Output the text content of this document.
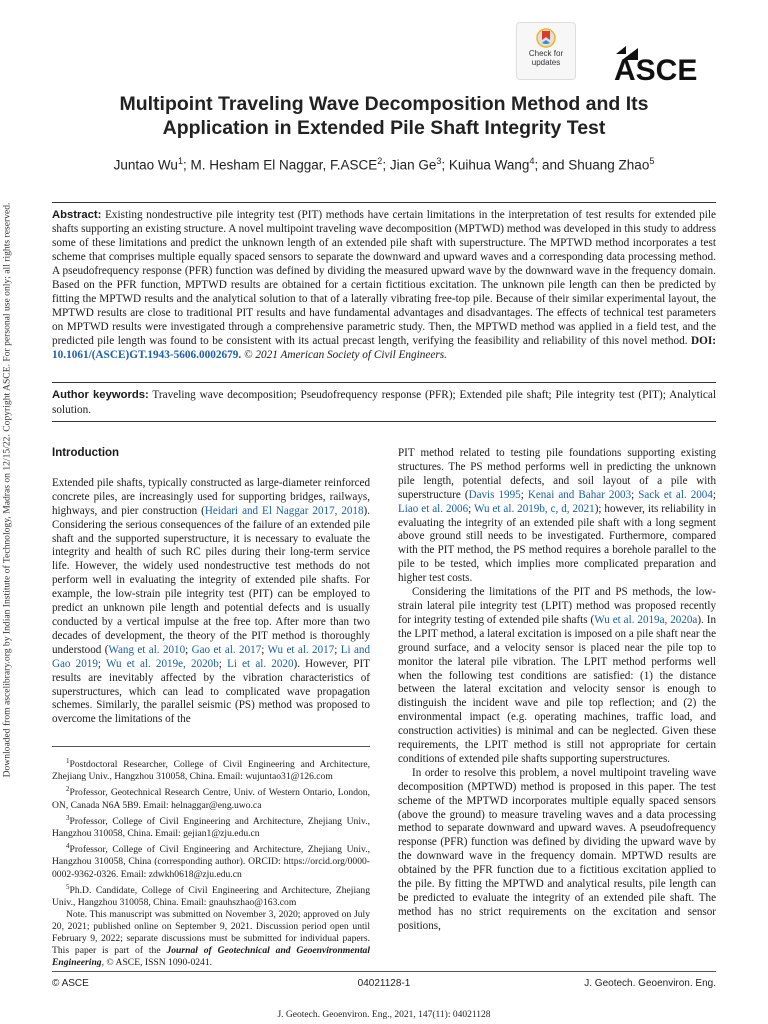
Downloaded from ascelibrary.org by Indian Institute of Technology, Madras on 12/15/22. Copyright ASCE. For personal use only; all rights reserved.
Check for
updates	ASCE
Multipoint Traveling Wave Decomposition Method and Its
Application in Extended Pile Shaft Integrity Test
Juntao Wu$^1$; M. Hesham El Naggar, F.ASCE$^2$; Jian Ge$^3$; Kuihua Wang$^4$; and Shuang Zhao$^5$

Abstract: Existing nondestructive pile integrity test (PIT) methods have certain limitations in the interpretation of test results for extended pile shafts supporting an existing structure. A novel multipoint traveling wave decomposition (MPTWD) method was developed in this study to address some of these limitations and predict the unknown length of an extended pile shaft with superstructure. The MPTWD method incorporates a test scheme that comprises multiple equally spaced sensors to separate the downward and upward waves and a corresponding data processing method. A pseudofrequency response (PFR) function was defined by dividing the measured upward wave by the downward wave in the frequency domain. Based on the PFR function, MPTWD results are obtained for a certain fictitious excitation. The unknown pile length can then be predicted by fitting the MPTWD results and the analytical solution to that of a laterally vibrating free-top pile. Because of their similar experimental layout, the MPTWD results are close to traditional PIT results and have fundamental advantages and disadvantages. The effects of technical test parameters on MPTWD results were investigated through a comprehensive parametric study. Then, the MPTWD method was applied in a field test, and the predicted pile length was found to be consistent with its actual precast length, verifying the feasibility and reliability of this novel method. DOI: 10.1061/(ASCE)GT.1943-5606.0002679. © 2021 American Society of Civil Engineers.

Author keywords: Traveling wave decomposition; Pseudofrequency response (PFR); Extended pile shaft; Pile integrity test (PIT); Analytical solution.

Introduction

Extended pile shafts, typically constructed as large-diameter reinforced concrete piles, are increasingly used for supporting bridges, railways, highways, and pier construction (Heidari and El Naggar 2017, 2018). Considering the serious consequences of the failure of an extended pile shaft and the supported superstructure, it is necessary to evaluate the integrity and health of such RC piles during their long-term service life. However, the widely used nondestructive test methods do not perform well in evaluating the integrity of extended pile shafts. For example, the low-strain pile integrity test (PIT) can be employed to predict an unknown pile length and potential defects and is usually conducted by a vertical impulse at the free top. After more than two decades of development, the theory of the PIT method is thoroughly understood (Wang et al. 2010; Gao et al. 2017; Wu et al. 2017; Li and Gao 2019; Wu et al. 2019e, 2020b; Li et al. 2020). However, PIT results are inevitably affected by the vibration characteristics of superstructures, which can lead to complicated wave propagation schemes. Similarly, the parallel seismic (PS) method was proposed to overcome the limitations of the

$^1$Postdoctoral Researcher, College of Civil Engineering and Architecture, Zhejiang Univ., Hangzhou 310058, China. Email: wujuntao31@126.com

$^2$Professor, Geotechnical Research Centre, Univ. of Western Ontario, London, ON, Canada N6A 5B9. Email: helnaggar@eng.uwo.ca

$^3$Professor, College of Civil Engineering and Architecture, Zhejiang Univ., Hangzhou 310058, China. Email: gejian1@zju.edu.cn

$^4$Professor, College of Civil Engineering and Architecture, Zhejiang Univ., Hangzhou 310058, China (corresponding author). ORCID: https://orcid.org/0000-0002-9362-0326. Email: zdwkh0618@zju.edu.cn

$^5$Ph.D. Candidate, College of Civil Engineering and Architecture, Zhejiang Univ., Hangzhou 310058, China. Email: gnauhszhao@163.com

Note. This manuscript was submitted on November 3, 2020; approved on July 20, 2021; published online on September 9, 2021. Discussion period open until February 9, 2022; separate discussions must be submitted for individual papers. This paper is part of the Journal of Geotechnical and Geoenvironmental Engineering, © ASCE, ISSN 1090-0241.

PIT method related to testing pile foundations supporting existing structures. The PS method performs well in predicting the unknown pile length, potential defects, and soil layout of a pile with superstructure (Davis 1995; Kenai and Bahar 2003; Sack et al. 2004; Liao et al. 2006; Wu et al. 2019b, c, d, 2021); however, its reliability in evaluating the integrity of an extended pile shaft with a long segment above ground still needs to be investigated. Furthermore, compared with the PIT method, the PS method requires a borehole parallel to the pile to be tested, which implies more complicated preparation and higher test costs.

Considering the limitations of the PIT and PS methods, the low-strain lateral pile integrity test (LPIT) method was proposed recently for integrity testing of extended pile shafts (Wu et al. 2019a, 2020a). In the LPIT method, a lateral excitation is imposed on a pile shaft near the ground surface, and a velocity sensor is placed near the pile top to monitor the lateral pile vibration. The LPIT method performs well when the following test conditions are satisfied: (1) the distance between the lateral excitation and velocity sensor is enough to distinguish the incident wave and pile top reflection; and (2) the environmental impact (e.g. operating machines, traffic load, and construction activities) is minimal and can be neglected. Given these requirements, the LPIT method is still not appropriate for certain conditions of extended pile shafts supporting superstructures.

In order to resolve this problem, a novel multipoint traveling wave decomposition (MPTWD) method is proposed in this paper. The test scheme of the MPTWD incorporates multiple equally spaced sensors (above the ground) to measure traveling waves and a data processing method to separate downward and upward waves. A pseudofrequency response (PFR) function was defined by dividing the upward wave by the downward wave in the frequency domain. MPTWD results are obtained by the PFR function due to a fictitious excitation applied to the pile. By fitting the MPTWD and analytical results, pile length can be predicted to evaluate the integrity of an extended pile shaft. The method has no strict requirements on the excitation and sensor positions,

© ASCE	04021128-1	J. Geotech. Geoenviron. Eng.
J. Geotech. Geoenviron. Eng., 2021, 147(11): 04021128
